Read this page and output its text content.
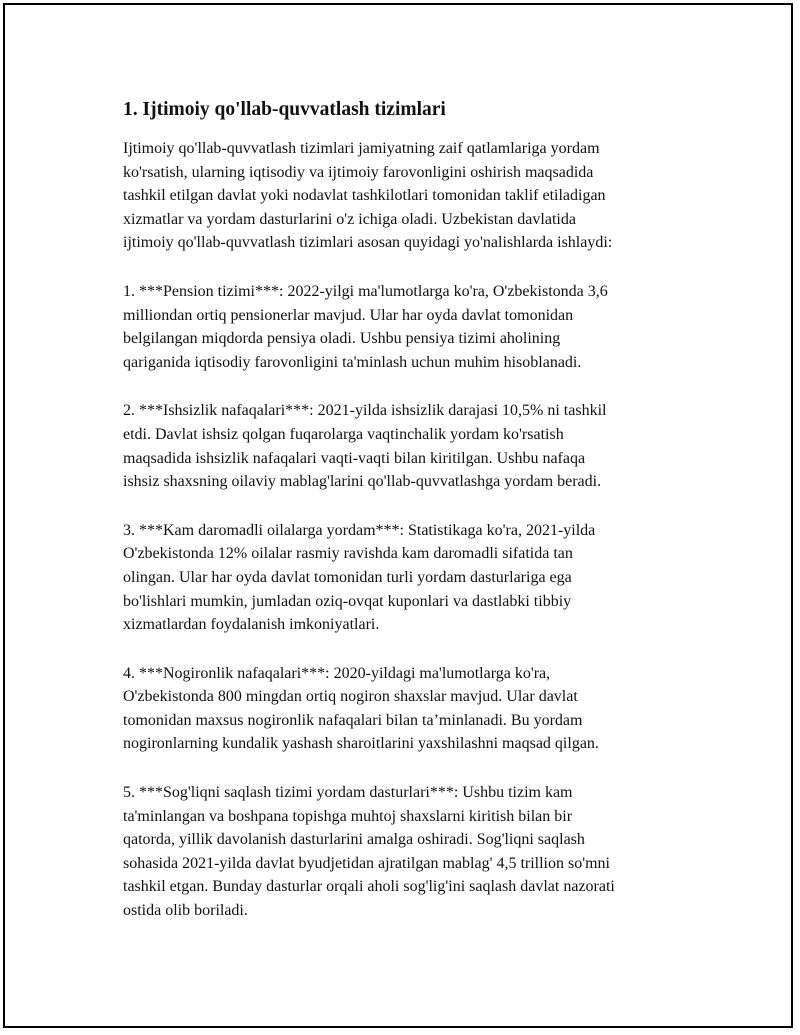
1. Ijtimoiy qo'llab-quvvatlash tizimlari

Ijtimoiy qo'llab-quvvatlash tizimlari jamiyatning zaif qatlamlariga yordam
ko'rsatish, ularning iqtisodiy va ijtimoiy farovonligini oshirish maqsadida
tashkil etilgan davlat yoki nodavlat tashkilotlari tomonidan taklif etiladigan
xizmatlar va yordam dasturlarini o'z ichiga oladi. Uzbekistan davlatida
ijtimoiy qo'llab-quvvatlash tizimlari asosan quyidagi yo'nalishlarda ishlaydi:

1. ***Pension tizimi***: 2022-yilgi ma'lumotlarga ko'ra, O'zbekistonda 3,6
milliondan ortiq pensionerlar mavjud. Ular har oyda davlat tomonidan
belgilangan miqdorda pensiya oladi. Ushbu pensiya tizimi aholining
qariganida iqtisodiy farovonligini ta'minlash uchun muhim hisoblanadi.

2. ***Ishsizlik nafaqalari***: 2021-yilda ishsizlik darajasi 10,5% ni tashkil
etdi. Davlat ishsiz qolgan fuqarolarga vaqtinchalik yordam ko'rsatish
maqsadida ishsizlik nafaqalari vaqti-vaqti bilan kiritilgan. Ushbu nafaqa
ishsiz shaxsning oilaviy mablag'larini qo'llab-quvvatlashga yordam beradi.

3. ***Kam daromadli oilalarga yordam***: Statistikaga ko'ra, 2021-yilda
O'zbekistonda 12% oilalar rasmiy ravishda kam daromadli sifatida tan
olingan. Ular har oyda davlat tomonidan turli yordam dasturlariga ega
bo'lishlari mumkin, jumladan oziq-ovqat kuponlari va dastlabki tibbiy
xizmatlardan foydalanish imkoniyatlari.

4. ***Nogironlik nafaqalari***: 2020-yildagi ma'lumotlarga ko'ra,
O'zbekistonda 800 mingdan ortiq nogiron shaxslar mavjud. Ular davlat
tomonidan maxsus nogironlik nafaqalari bilan ta’minlanadi. Bu yordam
nogironlarning kundalik yashash sharoitlarini yaxshilashni maqsad qilgan.

5. ***Sog'liqni saqlash tizimi yordam dasturlari***: Ushbu tizim kam
ta'minlangan va boshpana topishga muhtoj shaxslarni kiritish bilan bir
qatorda, yillik davolanish dasturlarini amalga oshiradi. Sog'liqni saqlash
sohasida 2021-yilda davlat byudjetidan ajratilgan mablag' 4,5 trillion so'mni
tashkil etgan. Bunday dasturlar orqali aholi sog'lig'ini saqlash davlat nazorati
ostida olib boriladi.
